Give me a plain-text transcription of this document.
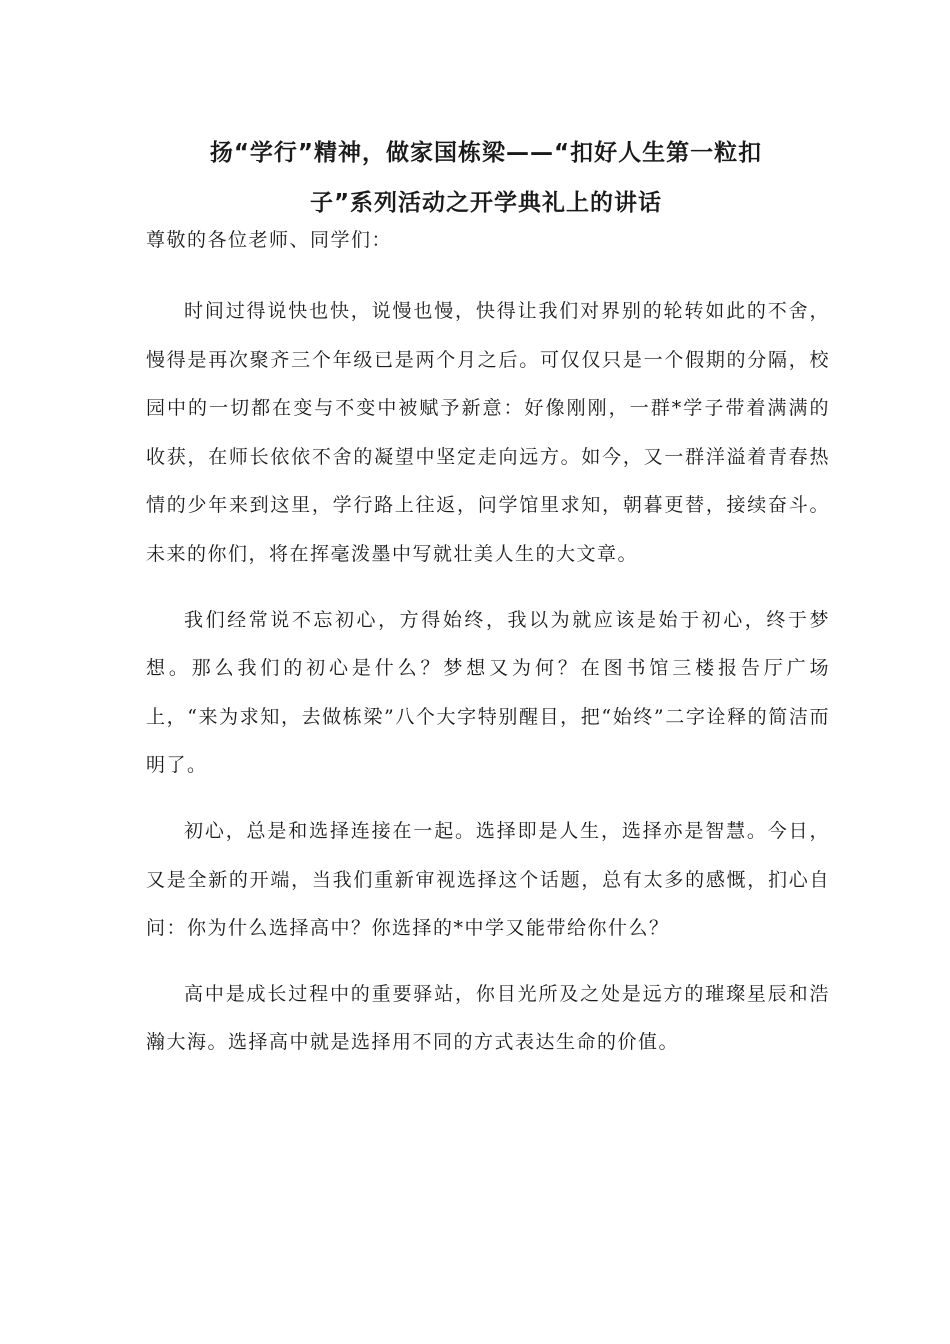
扬“学行”精神，做家国栋梁——“扣好人生第一粒扣
子”系列活动之开学典礼上的讲话

尊敬的各位老师、同学们：

时间过得说快也快，说慢也慢，快得让我们对界别的轮转如此的不舍，慢得是再次聚齐三个年级已是两个月之后。可仅仅只是一个假期的分隔，校园中的一切都在变与不变中被赋予新意：好像刚刚，一群*学子带着满满的收获，在师长依依不舍的凝望中坚定走向远方。如今，又一群洋溢着青春热情的少年来到这里，学行路上往返，问学馆里求知，朝暮更替，接续奋斗。未来的你们，将在挥毫泼墨中写就壮美人生的大文章。

我们经常说不忘初心，方得始终，我以为就应该是始于初心，终于梦想。那么我们的初心是什么？梦想又为何？在图书馆三楼报告厅广场上，“来为求知，去做栋梁”八个大字特别醒目，把“始终”二字诠释的简洁而明了。

初心，总是和选择连接在一起。选择即是人生，选择亦是智慧。今日，又是全新的开端，当我们重新审视选择这个话题，总有太多的感慨，扪心自问：你为什么选择高中？你选择的*中学又能带给你什么？

高中是成长过程中的重要驿站，你目光所及之处是远方的璀璨星辰和浩瀚大海。选择高中就是选择用不同的方式表达生命的价值。
